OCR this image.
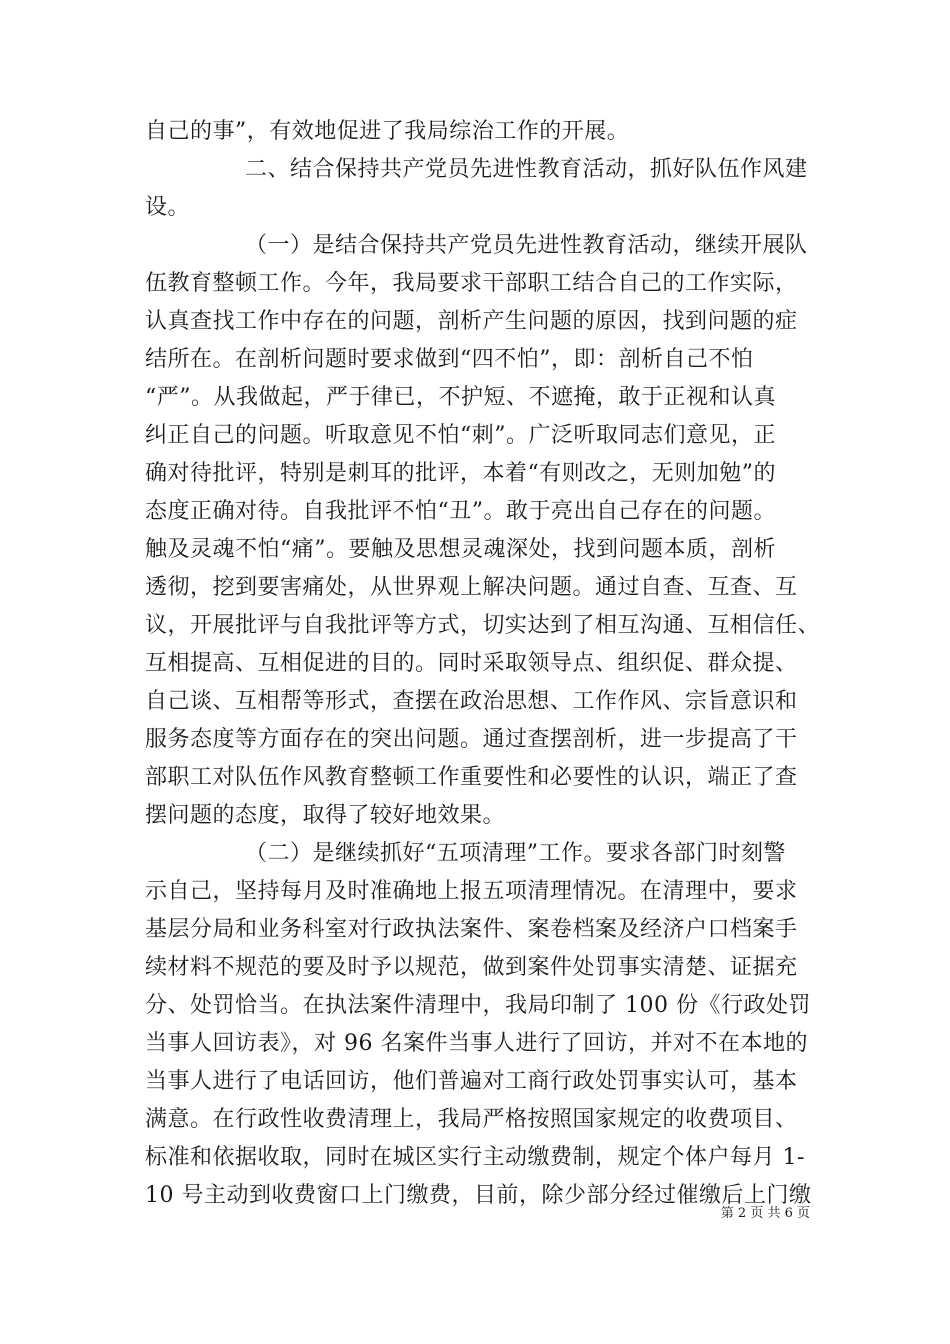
自己的事”，有效地促进了我局综治工作的开展。
二、结合保持共产党员先进性教育活动，抓好队伍作风建
设。
（一）是结合保持共产党员先进性教育活动，继续开展队
伍教育整顿工作。今年，我局要求干部职工结合自己的工作实际，
认真查找工作中存在的问题，剖析产生问题的原因，找到问题的症
结所在。在剖析问题时要求做到“四不怕”，即：剖析自己不怕
“严”。从我做起，严于律已，不护短、不遮掩，敢于正视和认真
纠正自己的问题。听取意见不怕“刺”。广泛听取同志们意见，正
确对待批评，特别是刺耳的批评，本着“有则改之，无则加勉”的
态度正确对待。自我批评不怕“丑”。敢于亮出自己存在的问题。
触及灵魂不怕“痛”。要触及思想灵魂深处，找到问题本质，剖析
透彻，挖到要害痛处，从世界观上解决问题。通过自查、互查、互
议，开展批评与自我批评等方式，切实达到了相互沟通、互相信任、
互相提高、互相促进的目的。同时采取领导点、组织促、群众提、
自己谈、互相帮等形式，查摆在政治思想、工作作风、宗旨意识和
服务态度等方面存在的突出问题。通过查摆剖析，进一步提高了干
部职工对队伍作风教育整顿工作重要性和必要性的认识，端正了查
摆问题的态度，取得了较好地效果。
（二）是继续抓好“五项清理”工作。要求各部门时刻警
示自己，坚持每月及时准确地上报五项清理情况。在清理中，要求
基层分局和业务科室对行政执法案件、案卷档案及经济户口档案手
续材料不规范的要及时予以规范，做到案件处罚事实清楚、证据充
分、处罚恰当。在执法案件清理中，我局印制了 100 份《行政处罚
当事人回访表》，对 96 名案件当事人进行了回访，并对不在本地的
当事人进行了电话回访，他们普遍对工商行政处罚事实认可，基本
满意。在行政性收费清理上，我局严格按照国家规定的收费项目、
标准和依据收取，同时在城区实行主动缴费制，规定个体户每月 1-
10 号主动到收费窗口上门缴费，目前，除少部分经过催缴后上门缴
第 2 页 共 6 页
